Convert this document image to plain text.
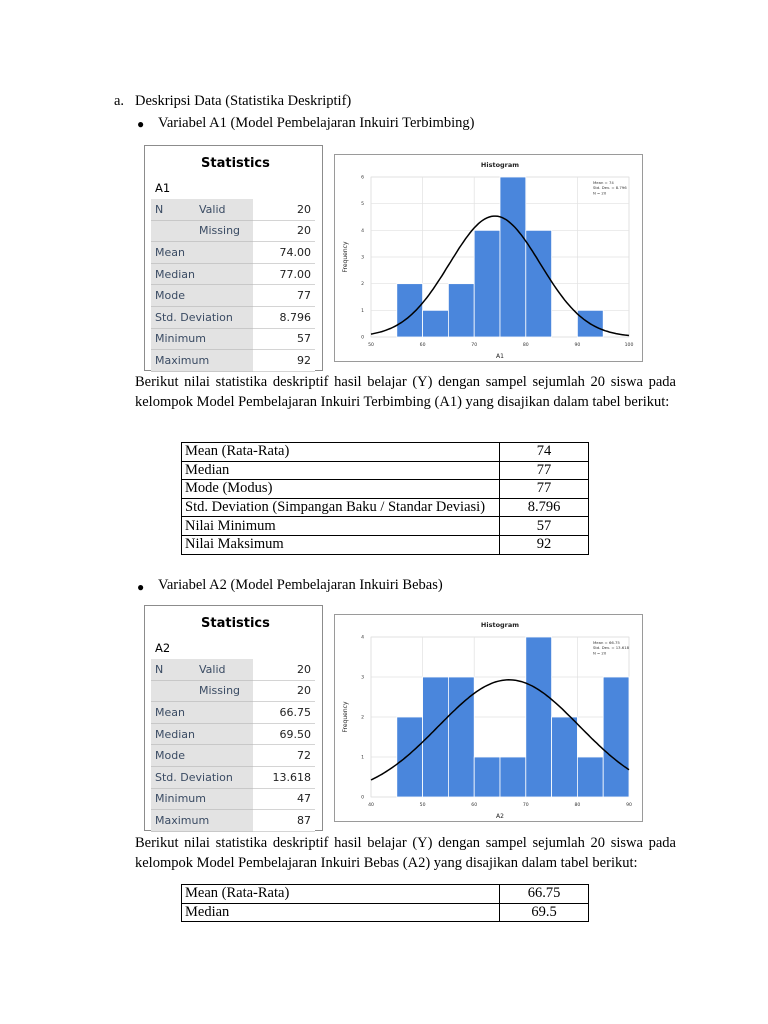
a. Deskripsi Data (Statistika Deskriptif)
● Variabel A1 (Model Pembelajaran Inkuiri Terbimbing)
Statistics
A1
N	Valid	20
	Missing	20
Mean		74.00
Median		77.00
Mode		77
Std. Deviation		8.796
Minimum		57
Maximum		92
50	60	70	80	90	100
0
1
2
3
4
5
6
Histogram
A1
Frequency
Mean = 74
Std. Dev. = 8.796
N = 20
Berikut nilai statistika deskriptif hasil belajar (Y) dengan sampel sejumlah 20 siswa pada kelompok Model Pembelajaran Inkuiri Terbimbing (A1) yang disajikan dalam tabel berikut:
Mean (Rata-Rata)	74
Median	77
Mode (Modus)	77
Std. Deviation (Simpangan Baku / Standar Deviasi)	8.796
Nilai Minimum	57
Nilai Maksimum	92
● Variabel A2 (Model Pembelajaran Inkuiri Bebas)
Statistics
A2
N	Valid	20
	Missing	20
Mean		66.75
Median		69.50
Mode		72
Std. Deviation		13.618
Minimum		47
Maximum		87
40	50	60	70	80	90
0
1
2
3
4
Histogram
A2
Frequency
Mean = 66.75
Std. Dev. = 13.618
N = 20
Berikut nilai statistika deskriptif hasil belajar (Y) dengan sampel sejumlah 20 siswa pada kelompok Model Pembelajaran Inkuiri Bebas (A2) yang disajikan dalam tabel berikut:
Mean (Rata-Rata)	66.75
Median	69.5
